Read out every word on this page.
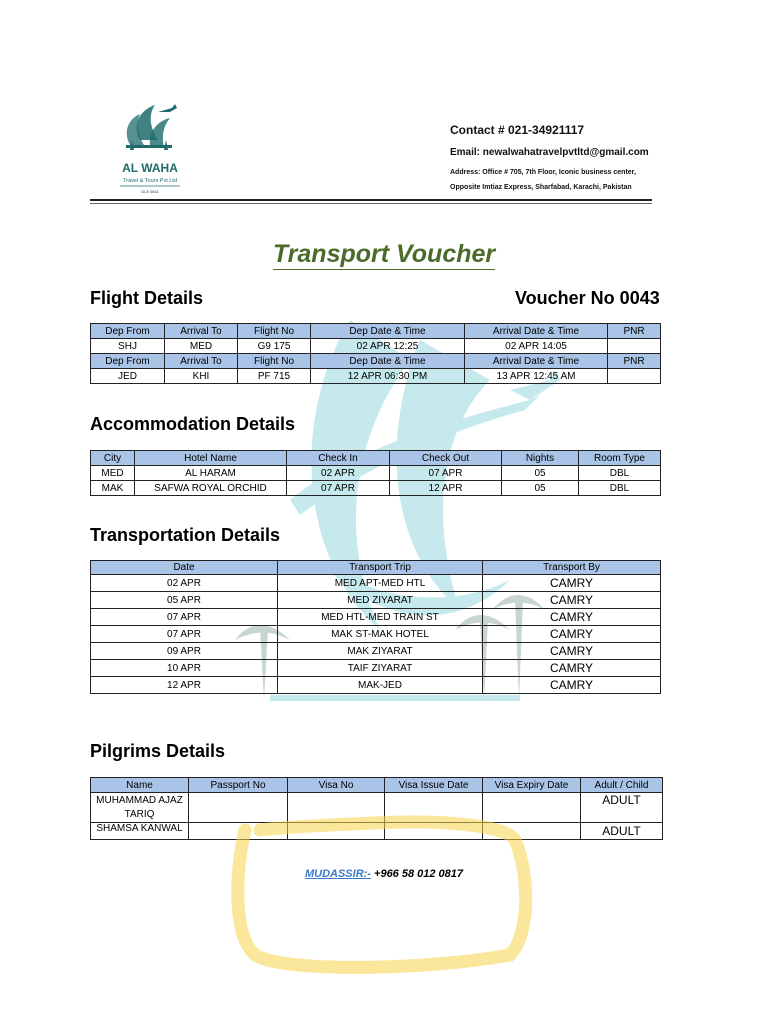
AL WAHA
Travel & Tours Pvt Ltd
GLE 5611
Contact # 021-34921117
Email: newalwahatravelpvtltd@gmail.com
Address: Office # 705, 7th Floor, Iconic business center,
Opposite Imtiaz Express, Sharfabad, Karachi, Pakistan
Transport Voucher
Flight Details	Voucher No 0043
Dep From	Arrival To	Flight No	Dep Date & Time	Arrival Date & Time	PNR
SHJ	MED	G9 175	02 APR 12:25	02 APR 14:05	
Dep From	Arrival To	Flight No	Dep Date & Time	Arrival Date & Time	PNR
JED	KHI	PF 715	12 APR 06:30 PM	13 APR 12:45 AM	
Accommodation Details
City	Hotel Name	Check In	Check Out	Nights	Room Type
MED	AL HARAM	02 APR	07 APR	05	DBL
MAK	SAFWA ROYAL ORCHID	07 APR	12 APR	05	DBL
Transportation Details
Date	Transport Trip	Transport By
02 APR	MED APT-MED HTL	CAMRY
05 APR	MED ZIYARAT	CAMRY
07 APR	MED HTL-MED TRAIN ST	CAMRY
07 APR	MAK ST-MAK HOTEL	CAMRY
09 APR	MAK ZIYARAT	CAMRY
10 APR	TAIF ZIYARAT	CAMRY
12 APR	MAK-JED	CAMRY
Pilgrims Details
Name	Passport No	Visa No	Visa Issue Date	Visa Expiry Date	Adult / Child
MUHAMMAD AJAZ TARIQ					ADULT
SHAMSA KANWAL					ADULT
MUDASSIR:- +966 58 012 0817
